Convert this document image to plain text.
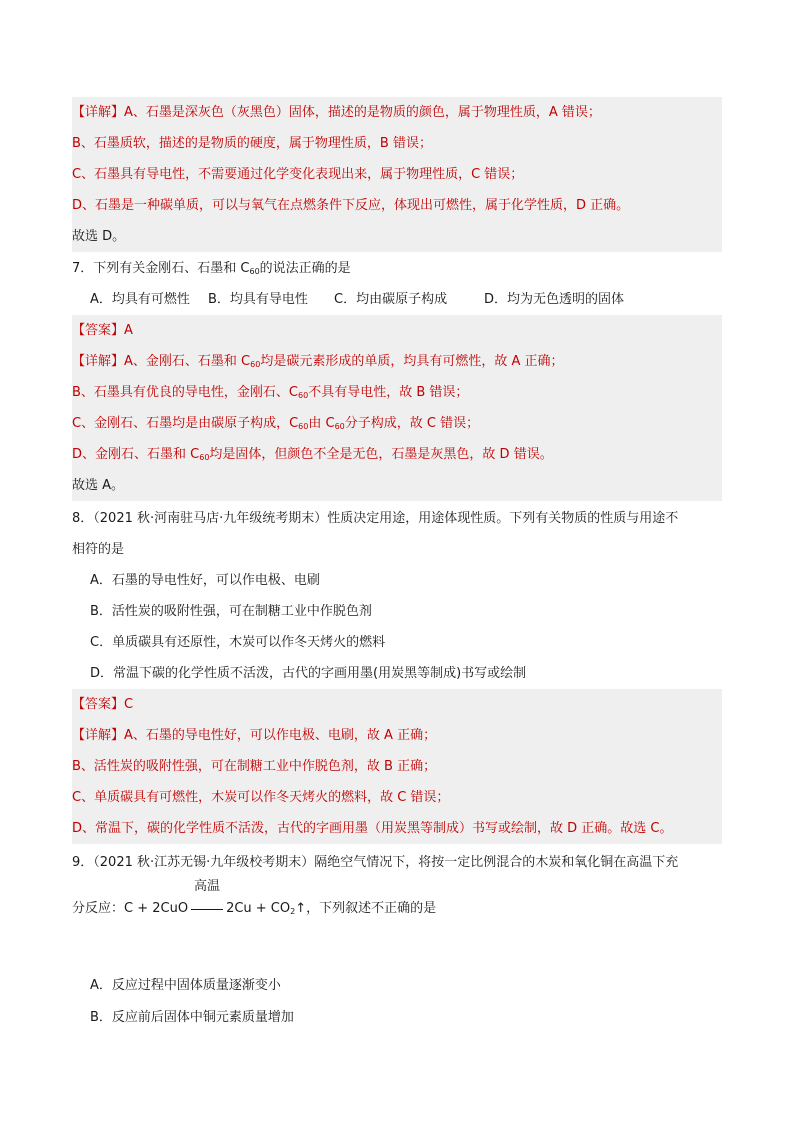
【详解】A、石墨是深灰色（灰黑色）固体，描述的是物质的颜色，属于物理性质，A 错误；
B、石墨质软，描述的是物质的硬度，属于物理性质，B 错误；
C、石墨具有导电性，不需要通过化学变化表现出来，属于物理性质，C 错误；
D、石墨是一种碳单质，可以与氧气在点燃条件下反应，体现出可燃性，属于化学性质，D 正确。
故选 D。
7．下列有关金刚石、石墨和 $C_{60}$的说法正确的是
A．均具有可燃性 B．均具有导电性 C．均由碳原子构成	D．均为无色透明的固体
【答案】A
【详解】A、金刚石、石墨和 $C_{60}$均是碳元素形成的单质，均具有可燃性，故 A 正确；
B、石墨具有优良的导电性，金刚石、$C_{60}$不具有导电性，故 B 错误；
C、金刚石、石墨均是由碳原子构成，$C_{60}$由 $C_{60}$分子构成，故 C 错误；
D、金刚石、石墨和 $C_{60}$均是固体，但颜色不全是无色，石墨是灰黑色，故 D 错误。
故选 A。
8．（2021 秋·河南驻马店·九年级统考期末）性质决定用途，用途体现性质。下列有关物质的性质与用途不
相符的是
A．石墨的导电性好，可以作电极、电刷
B．活性炭的吸附性强，可在制糖工业中作脱色剂
C．单质碳具有还原性，木炭可以作冬天烤火的燃料
D．常温下碳的化学性质不活泼，古代的字画用墨(用炭黑等制成)书写或绘制
【答案】C
【详解】A、石墨的导电性好，可以作电极、电刷，故 A 正确；
B、活性炭的吸附性强，可在制糖工业中作脱色剂，故 B 正确；
C、单质碳具有可燃性，木炭可以作冬天烤火的燃料，故 C 错误；
D、常温下，碳的化学性质不活泼，古代的字画用墨（用炭黑等制成）书写或绘制，故 D 正确。故选 C。
9．（2021 秋·江苏无锡·九年级校考期末）隔绝空气情况下，将按一定比例混合的木炭和氧化铜在高温下充
分反应：C + 2CuO
高温
$2Cu + CO_2↑$，下列叙述不正确的是
A．反应过程中固体质量逐渐变小
B．反应前后固体中铜元素质量增加
